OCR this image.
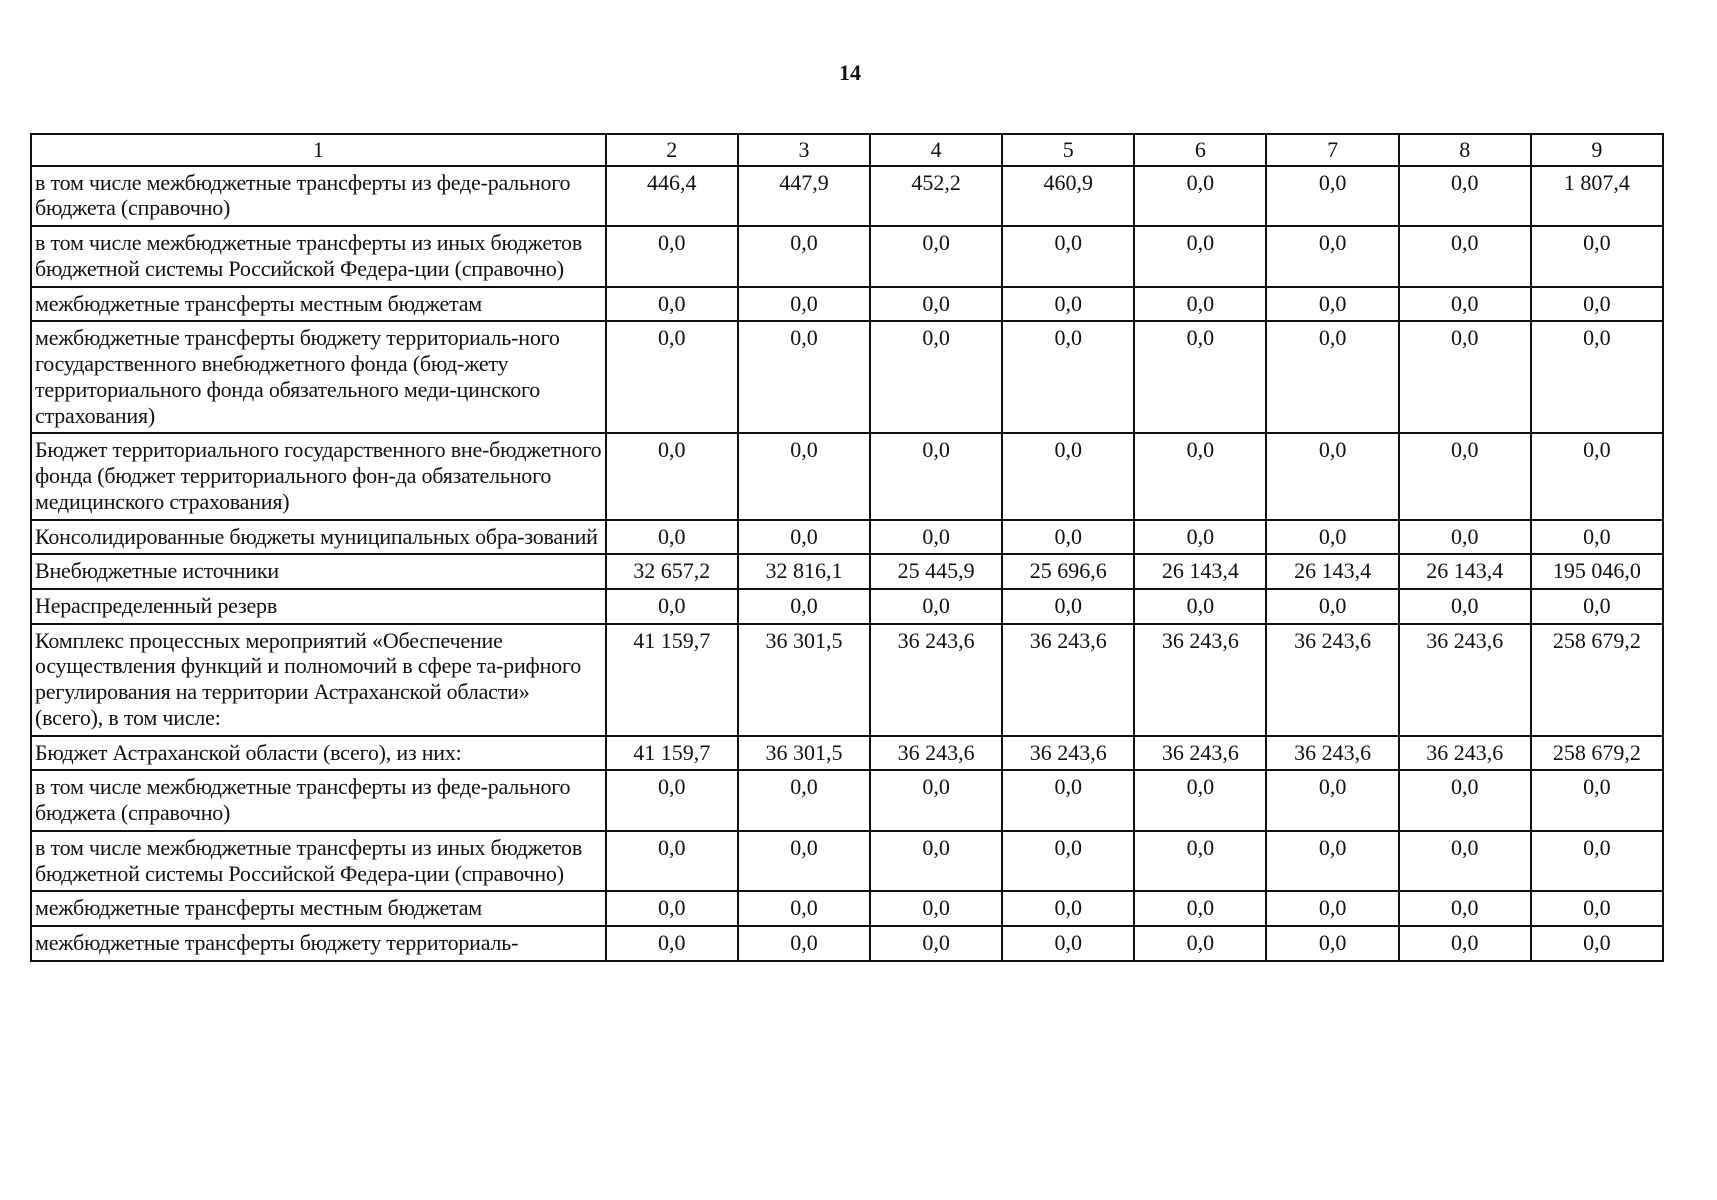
14
1	2	3	4	5	6	7	8	9
в том числе межбюджетные трансферты из феде-ральнoго бюджета (справочно)	446,4	447,9	452,2	460,9	0,0	0,0	0,0	1 807,4
в том числе межбюджетные трансферты из иных бюджетов бюджетной системы Российской Федера-ции (справочно)	0,0	0,0	0,0	0,0	0,0	0,0	0,0	0,0
межбюджетные трансферты местным бюджетам	0,0	0,0	0,0	0,0	0,0	0,0	0,0	0,0
межбюджетные трансферты бюджету территориаль-ного государственного внебюджетного фонда (бюд-жету территориального фонда обязательного меди-цинского страхования)	0,0	0,0	0,0	0,0	0,0	0,0	0,0	0,0
Бюджет территориального государственного вне-бюджетного фонда (бюджет территориального фон-да обязательного медицинского страхования)	0,0	0,0	0,0	0,0	0,0	0,0	0,0	0,0
Консолидированные бюджеты муниципальных обра-зований	0,0	0,0	0,0	0,0	0,0	0,0	0,0	0,0
Внебюджетные источники	32 657,2	32 816,1	25 445,9	25 696,6	26 143,4	26 143,4	26 143,4	195 046,0
Нераспределенный резерв	0,0	0,0	0,0	0,0	0,0	0,0	0,0	0,0
Комплекс процессных мероприятий «Обеспечение осуществления функций и полномочий в сфере та-рифного регулирования на территории Астраханской области» (всего), в том числе:	41 159,7	36 301,5	36 243,6	36 243,6	36 243,6	36 243,6	36 243,6	258 679,2
Бюджет Астраханской области (всего), из них:	41 159,7	36 301,5	36 243,6	36 243,6	36 243,6	36 243,6	36 243,6	258 679,2
в том числе межбюджетные трансферты из феде-рального бюджета (справочно)	0,0	0,0	0,0	0,0	0,0	0,0	0,0	0,0
в том числе межбюджетные трансферты из иных бюджетов бюджетной системы Российской Федера-ции (справочно)	0,0	0,0	0,0	0,0	0,0	0,0	0,0	0,0
межбюджетные трансферты местным бюджетам	0,0	0,0	0,0	0,0	0,0	0,0	0,0	0,0
межбюджетные трансферты бюджету территориаль-	0,0	0,0	0,0	0,0	0,0	0,0	0,0	0,0
